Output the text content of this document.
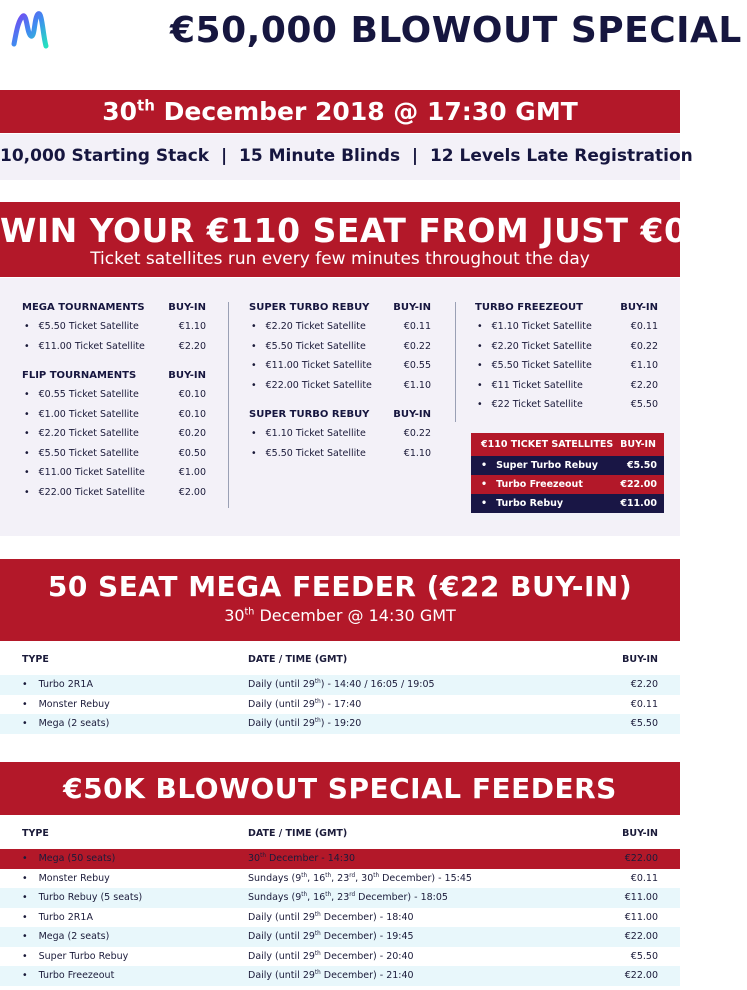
€50,000 BLOWOUT SPECIAL
30th December 2018 @ 17:30 GMT
10,000 Starting Stack  |  15 Minute Blinds  |  12 Levels Late Registration
WIN YOUR €110 SEAT FROM JUST €0.11
Ticket satellites run every few minutes throughout the day
MEGA TOURNAMENTS BUY-IN
• €5.50 Ticket Satellite	€1.10
• €11.00 Ticket Satellite	€2.20
FLIP TOURNAMENTS	BUY-IN
• €0.55 Ticket Satellite	€0.10
• €1.00 Ticket Satellite	€0.10
• €2.20 Ticket Satellite	€0.20
• €5.50 Ticket Satellite	€0.50
• €11.00 Ticket Satellite	€1.00
• €22.00 Ticket Satellite	€2.00
SUPER TURBO REBUY BUY-IN
• €2.20 Ticket Satellite	€0.11
• €5.50 Ticket Satellite	€0.22
• €11.00 Ticket Satellite	€0.55
• €22.00 Ticket Satellite	€1.10
SUPER TURBO REBUY BUY-IN
• €1.10 Ticket Satellite	€0.22
• €5.50 Ticket Satellite	€1.10
TURBO FREEZEOUT	BUY-IN
• €1.10 Ticket Satellite	€0.11
• €2.20 Ticket Satellite	€0.22
• €5.50 Ticket Satellite	€1.10
• €11 Ticket Satellite	€2.20
• €22 Ticket Satellite	€5.50
€110 TICKET SATELLITES BUY-IN
• Super Turbo Rebuy	€5.50
• Turbo Freezeout	€22.00
• Turbo Rebuy	€11.00
50 SEAT MEGA FEEDER (€22 BUY-IN)
30th December @ 14:30 GMT
TYPE	DATE / TIME (GMT)	BUY-IN
• Turbo 2R1A	Daily (until 29th) - 14:40 / 16:05 / 19:05	€2.20
• Monster Rebuy	Daily (until 29th) - 17:40	€0.11
• Mega (2 seats)	Daily (until 29th) - 19:20	€5.50
€50K BLOWOUT SPECIAL FEEDERS
TYPE	DATE / TIME (GMT)	BUY-IN
• Mega (50 seats)	30th December - 14:30	€22.00
• Monster Rebuy	Sundays (9th, 16th, 23rd, 30th December) - 15:45	€0.11
• Turbo Rebuy (5 seats)	Sundays (9th, 16th, 23rd December) - 18:05	€11.00
• Turbo 2R1A	Daily (until 29th December) - 18:40	€11.00
• Mega (2 seats)	Daily (until 29th December) - 19:45	€22.00
• Super Turbo Rebuy	Daily (until 29th December) - 20:40	€5.50
• Turbo Freezeout	Daily (until 29th December) - 21:40	€22.00
